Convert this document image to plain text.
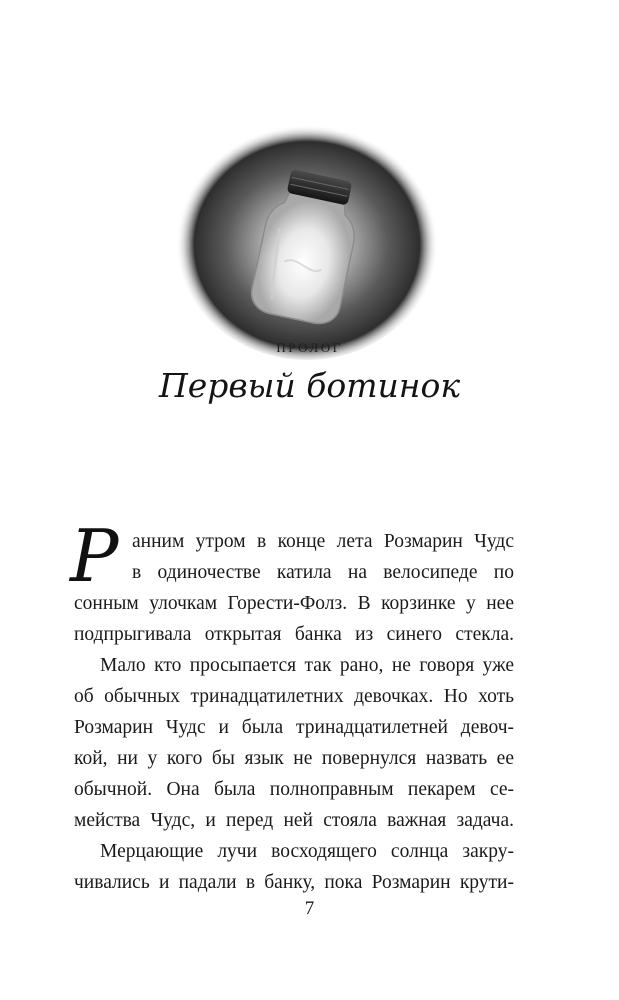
пролог
Первый ботинок
Р анним утром в конце лета Розмарин Чудс
в одиночестве катила на велосипеде по
сонным улочкам Горести-Фолз. В корзинке у нее
подпрыгивала открытая банка из синего стекла.
Мало кто просыпается так рано, не говоря уже
об обычных тринадцатилетних девочках. Но хоть
Розмарин Чудс и была тринадцатилетней девоч-
кой, ни у кого бы язык не повернулся назвать ее
обычной. Она была полноправным пекарем се-
мейства Чудс, и перед ней стояла важная задача.
Мерцающие лучи восходящего солнца закру-
чивались и падали в банку, пока Розмарин крути-
7
